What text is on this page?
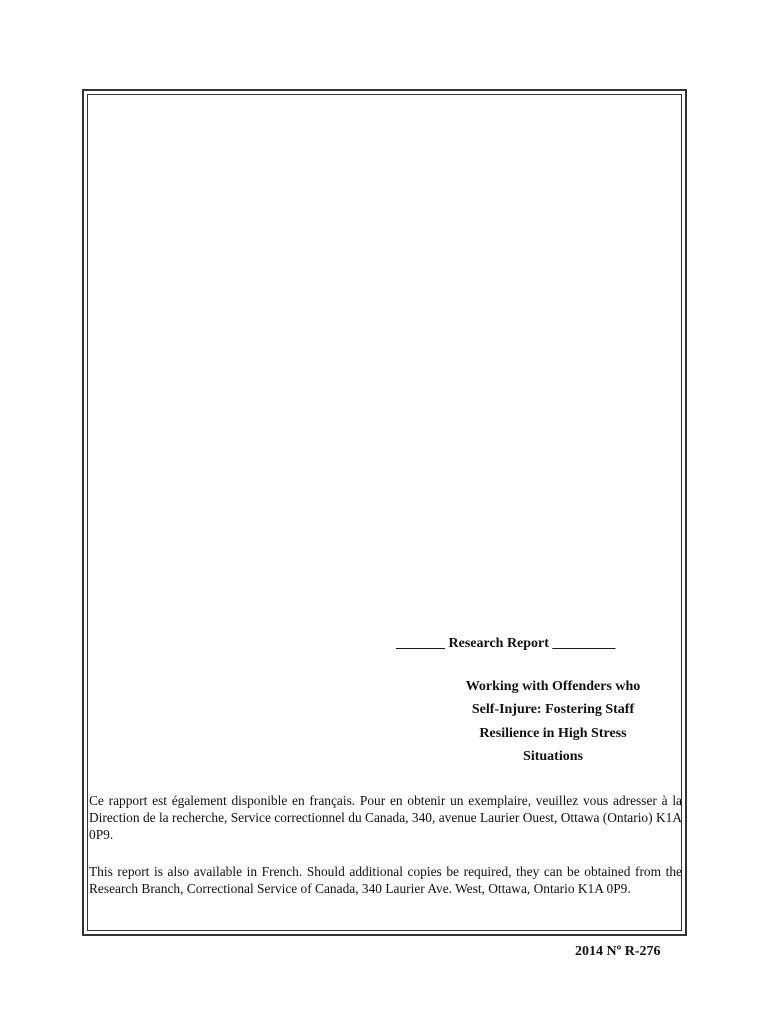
_______ Research Report _________
Working with Offenders who
Self-Injure: Fostering Staff
Resilience in High Stress
Situations
Ce rapport est également disponible en français. Pour en obtenir un exemplaire, veuillez vous adresser à la Direction de la recherche, Service correctionnel du Canada, 340, avenue Laurier Ouest, Ottawa (Ontario) K1A 0P9.
This report is also available in French. Should additional copies be required, they can be obtained from the Research Branch, Correctional Service of Canada, 340 Laurier Ave. West, Ottawa, Ontario K1A 0P9.
2014 Nº R-276
